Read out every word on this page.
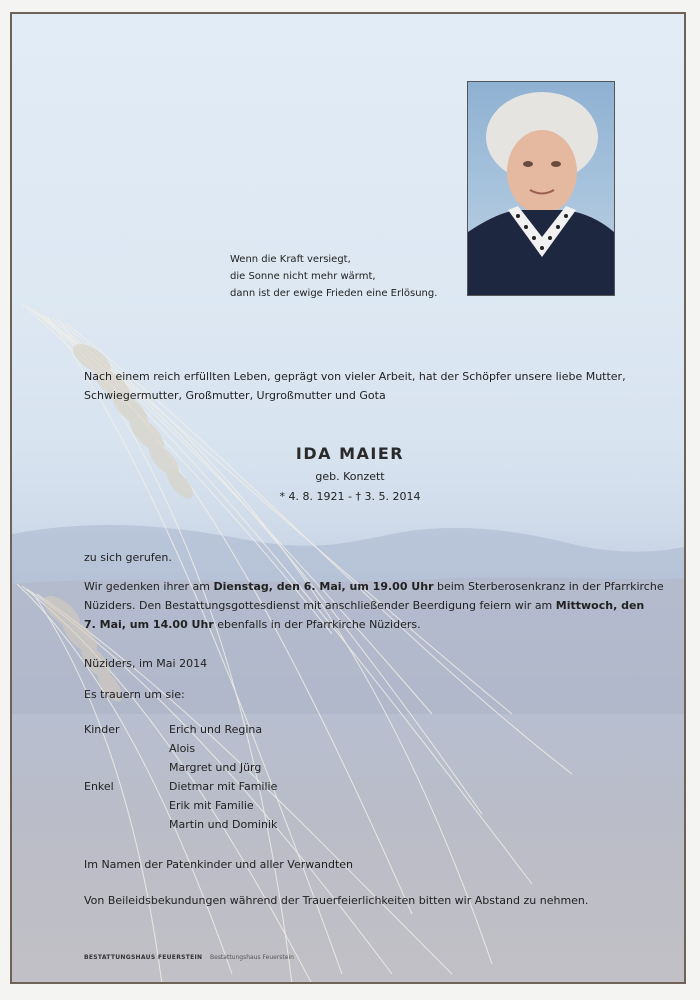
Wenn die Kraft versiegt,
die Sonne nicht mehr wärmt,
dann ist der ewige Frieden eine Erlösung.
Nach einem reich erfüllten Leben, geprägt von vieler Arbeit, hat der Schöpfer unsere liebe Mutter,
Schwiegermutter, Großmutter, Urgroßmutter und Gota
IDA MAIER
geb. Konzett
* 4. 8. 1921 - † 3. 5. 2014
zu sich gerufen.
Wir gedenken ihrer am Dienstag, den 6. Mai, um 19.00 Uhr beim Sterberosenkranz in der Pfarrkirche
Nüziders. Den Bestattungsgottesdienst mit anschließender Beerdigung feiern wir am Mittwoch, den
7. Mai, um 14.00 Uhr ebenfalls in der Pfarrkirche Nüziders.
Nüziders, im Mai 2014
Es trauern um sie:
Kinder	Erich und Regina
Alois
Margret und Jürg
Enkel	Dietmar mit Familie
Erik mit Familie
Martin und Dominik
Im Namen der Patenkinder und aller Verwandten
Von Beileidsbekundungen während der Trauerfeierlichkeiten bitten wir Abstand zu nehmen.
BESTATTUNGSHAUS FEUERSTEIN Bestattungshaus Feuerstein
